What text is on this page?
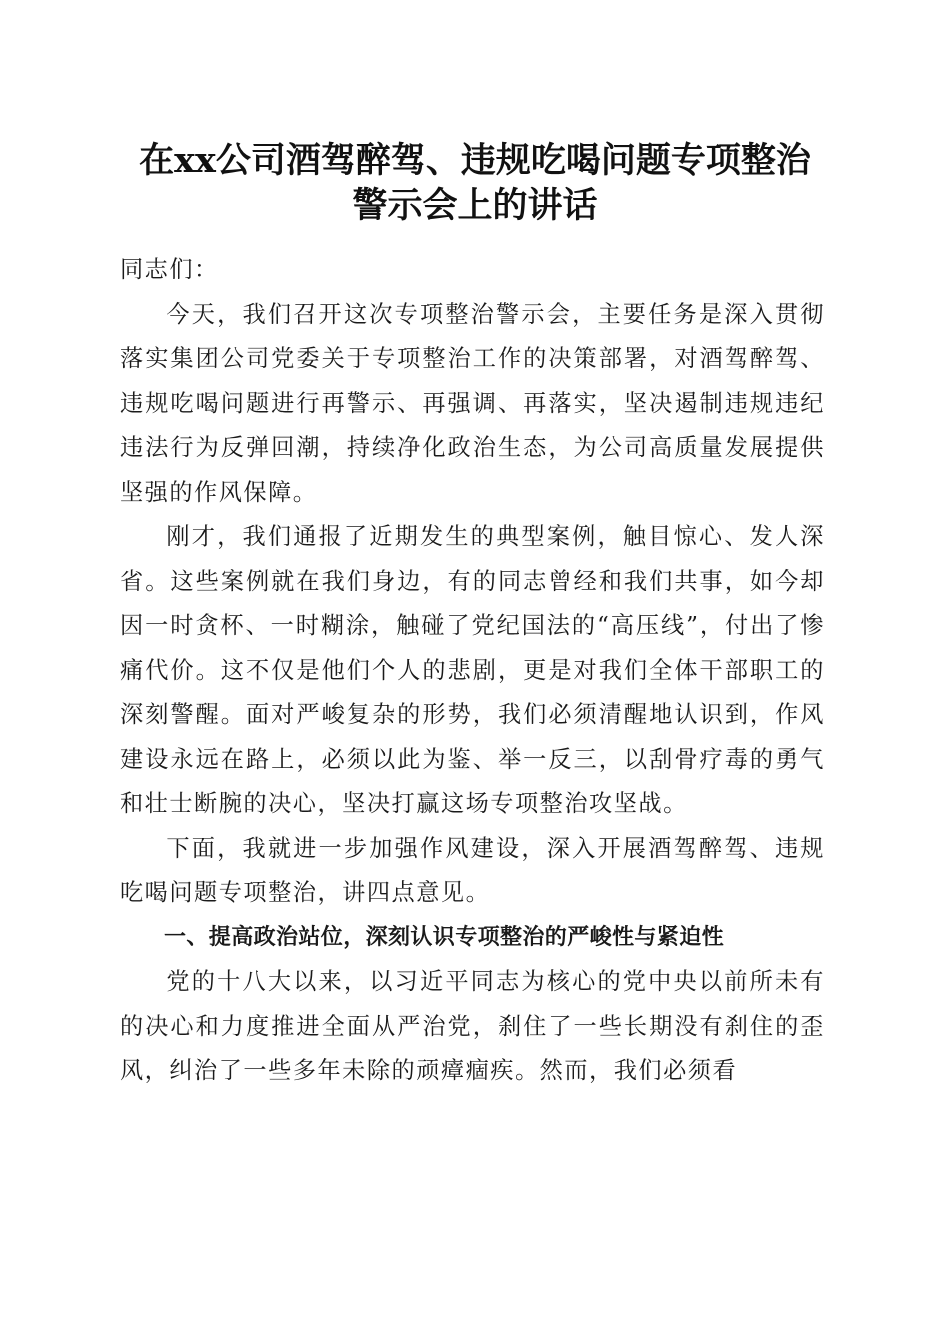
在xx公司酒驾醉驾、违规吃喝问题专项整治
警示会上的讲话

同志们：

今天，我们召开这次专项整治警示会，主要任务是深入贯彻落实集团公司党委关于专项整治工作的决策部署，对酒驾醉驾、违规吃喝问题进行再警示、再强调、再落实，坚决遏制违规违纪违法行为反弹回潮，持续净化政治生态，为公司高质量发展提供坚强的作风保障。

刚才，我们通报了近期发生的典型案例，触目惊心、发人深省。这些案例就在我们身边，有的同志曾经和我们共事，如今却因一时贪杯、一时糊涂，触碰了党纪国法的“高压线”，付出了惨痛代价。这不仅是他们个人的悲剧，更是对我们全体干部职工的深刻警醒。面对严峻复杂的形势，我们必须清醒地认识到，作风建设永远在路上，必须以此为鉴、举一反三，以刮骨疗毒的勇气和壮士断腕的决心，坚决打赢这场专项整治攻坚战。

下面，我就进一步加强作风建设，深入开展酒驾醉驾、违规吃喝问题专项整治，讲四点意见。

一、提高政治站位，深刻认识专项整治的严峻性与紧迫性

党的十八大以来，以习近平同志为核心的党中央以前所未有的决心和力度推进全面从严治党，刹住了一些长期没有刹住的歪风，纠治了一些多年未除的顽瘴痼疾。然而，我们必须看
